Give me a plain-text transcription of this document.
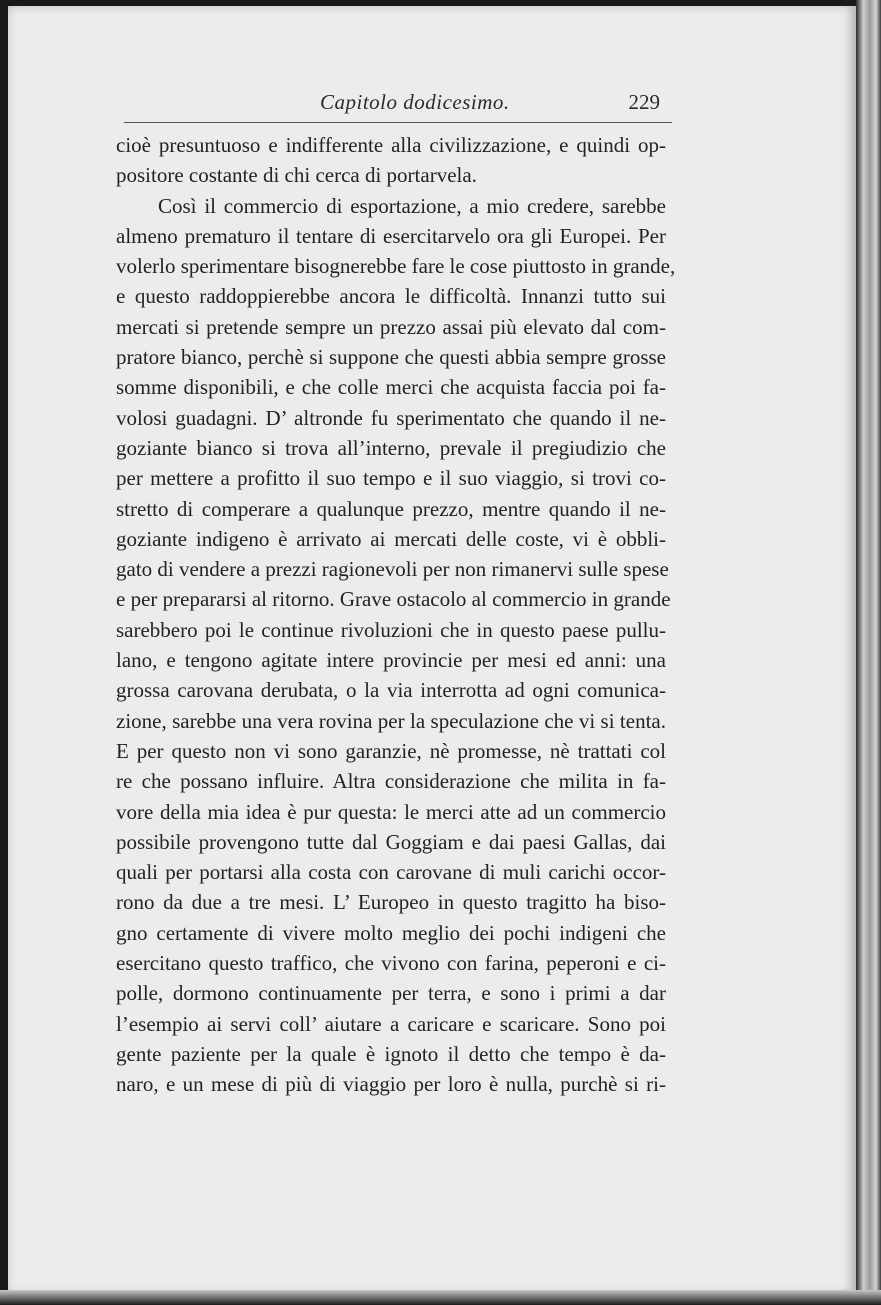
Capitolo dodicesimo.	229
cioè presuntuoso e indifferente alla civilizzazione, e quindi op-
positore costante di chi cerca di portarvela.
Così il commercio di esportazione, a mio credere, sarebbe
almeno prematuro il tentare di esercitarvelo ora gli Europei. Per
volerlo sperimentare bisognerebbe fare le cose piuttosto in grande,
e questo raddoppierebbe ancora le difficoltà. Innanzi tutto sui
mercati si pretende sempre un prezzo assai più elevato dal com-
pratore bianco, perchè si suppone che questi abbia sempre grosse
somme disponibili, e che colle merci che acquista faccia poi fa-
volosi guadagni. D’ altronde fu sperimentato che quando il ne-
goziante bianco si trova all’interno, prevale il pregiudizio che
per mettere a profitto il suo tempo e il suo viaggio, si trovi co-
stretto di comperare a qualunque prezzo, mentre quando il ne-
goziante indigeno è arrivato ai mercati delle coste, vi è obbli-
gato di vendere a prezzi ragionevoli per non rimanervi sulle spese
e per prepararsi al ritorno. Grave ostacolo al commercio in grande
sarebbero poi le continue rivoluzioni che in questo paese pullu-
lano, e tengono agitate intere provincie per mesi ed anni: una
grossa carovana derubata, o la via interrotta ad ogni comunica-
zione, sarebbe una vera rovina per la speculazione che vi si tenta.
E per questo non vi sono garanzie, nè promesse, nè trattati col
re che possano influire. Altra considerazione che milita in fa-
vore della mia idea è pur questa: le merci atte ad un commercio
possibile provengono tutte dal Goggiam e dai paesi Gallas, dai
quali per portarsi alla costa con carovane di muli carichi occor-
rono da due a tre mesi. L’ Europeo in questo tragitto ha biso-
gno certamente di vivere molto meglio dei pochi indigeni che
esercitano questo traffico, che vivono con farina, peperoni e ci-
polle, dormono continuamente per terra, e sono i primi a dar
l’esempio ai servi coll’ aiutare a caricare e scaricare. Sono poi
gente paziente per la quale è ignoto il detto che tempo è da-
naro, e un mese di più di viaggio per loro è nulla, purchè si ri-
